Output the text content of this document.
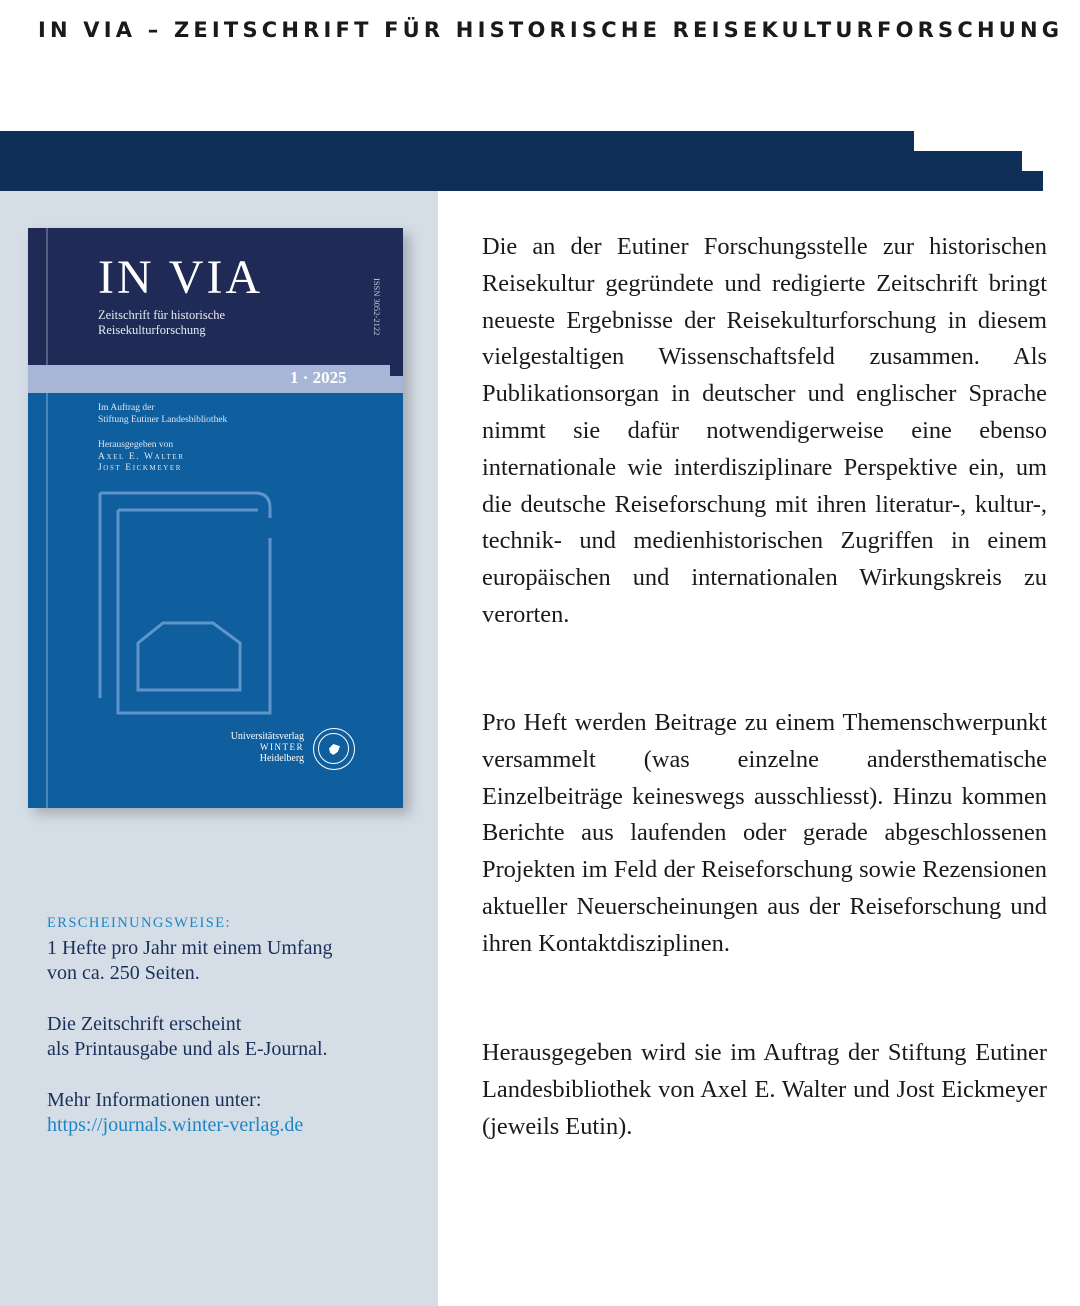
IN VIA – ZEITSCHRIFT FÜR HISTORISCHE REISEKULTURFORSCHUNG
IN VIA
Zeitschrift für historische
Reisekulturforschung	ISSN 3052-2122
1 · 2025
Im Auftrag der
Stiftung Eutiner Landesbibliothek
Herausgegeben von
Axel E. Walter
Jost Eickmeyer
Universitätsverlag
WINTER
Heidelberg
ERSCHEINUNGSWEISE:
1 Hefte pro Jahr mit einem Umfang
von ca. 250 Seiten.
Die Zeitschrift erscheint
als Printausgabe und als E-Journal.
Mehr Informationen unter:
https://journals.winter-verlag.de
Die an der Eutiner Forschungsstelle zur historischen Reisekultur gegründete und redigierte Zeitschrift bringt neueste Ergebnisse der Reisekulturforschung in diesem vielgestaltigen Wissenschaftsfeld zusammen. Als Publikationsorgan in deutscher und englischer Sprache nimmt sie dafür notwendigerweise eine ebenso internationale wie interdisziplinare Perspektive ein, um die deutsche Reiseforschung mit ihren literatur-, kultur-, technik- und medienhistorischen Zugriffen in einem europäischen und internationalen Wirkungskreis zu verorten.
Pro Heft werden Beitrage zu einem Themenschwerpunkt versammelt (was einzelne andersthematische Einzelbeiträge keineswegs ausschliesst). Hinzu kommen Berichte aus laufenden oder gerade abgeschlossenen Projekten im Feld der Reiseforschung sowie Rezensionen aktueller Neuerscheinungen aus der Reiseforschung und ihren Kontaktdisziplinen.
Herausgegeben wird sie im Auftrag der Stiftung Eutiner Landesbibliothek von Axel E. Walter und Jost Eickmeyer (jeweils Eutin).
